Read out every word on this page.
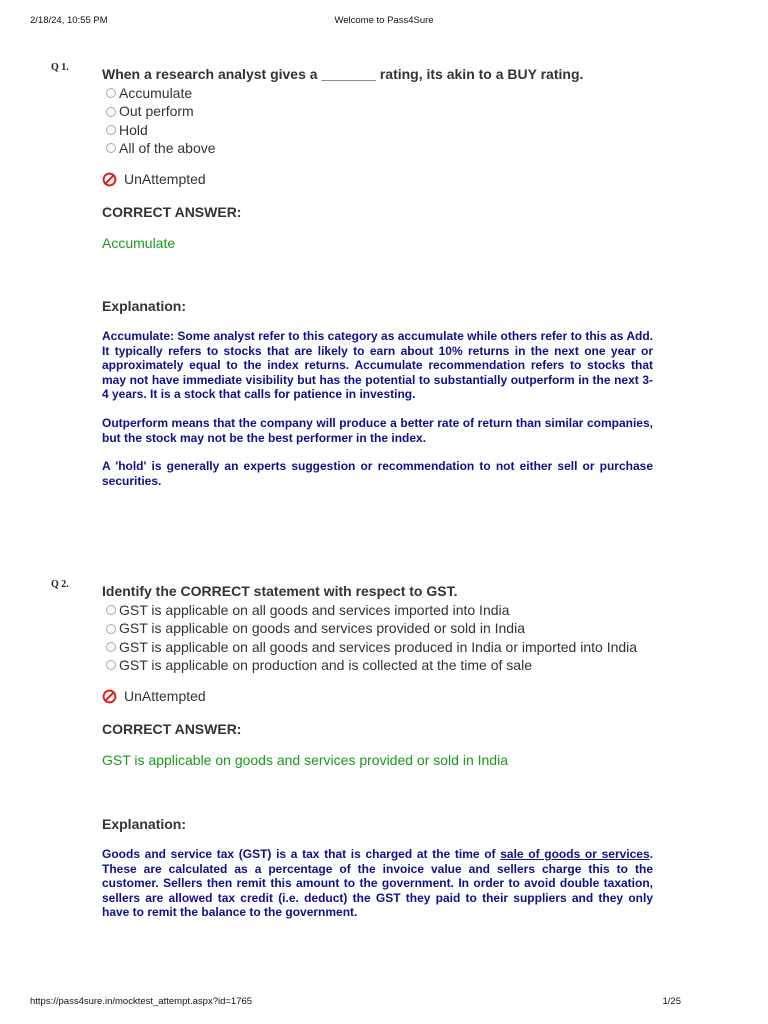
2/18/24, 10:55 PM	Welcome to Pass4Sure
Q 1. When a research analyst gives a _______ rating, its akin to a BUY rating.
Accumulate
Out perform
Hold
All of the above
UnAttempted
CORRECT ANSWER:
Accumulate
Explanation:

Accumulate: Some analyst refer to this category as accumulate while others refer to this as Add. It typically refers to stocks that are likely to earn about 10% returns in the next one year or approximately equal to the index returns. Accumulate recommendation refers to stocks that may not have immediate visibility but has the potential to substantially outperform in the next 3-4 years. It is a stock that calls for patience in investing.

Outperform means that the company will produce a better rate of return than similar companies, but the stock may not be the best performer in the index.

A 'hold' is generally an experts suggestion or recommendation to not either sell or purchase securities.

Q 2. Identify the CORRECT statement with respect to GST.
GST is applicable on all goods and services imported into India
GST is applicable on goods and services provided or sold in India
GST is applicable on all goods and services produced in India or imported into India
GST is applicable on production and is collected at the time of sale
UnAttempted
CORRECT ANSWER:
GST is applicable on goods and services provided or sold in India
Explanation:

Goods and service tax (GST) is a tax that is charged at the time of sale of goods or services. These are calculated as a percentage of the invoice value and sellers charge this to the customer. Sellers then remit this amount to the government. In order to avoid double taxation, sellers are allowed tax credit (i.e. deduct) the GST they paid to their suppliers and they only have to remit the balance to the government.

https://pass4sure.in/mocktest_attempt.aspx?id=1765	1/25
